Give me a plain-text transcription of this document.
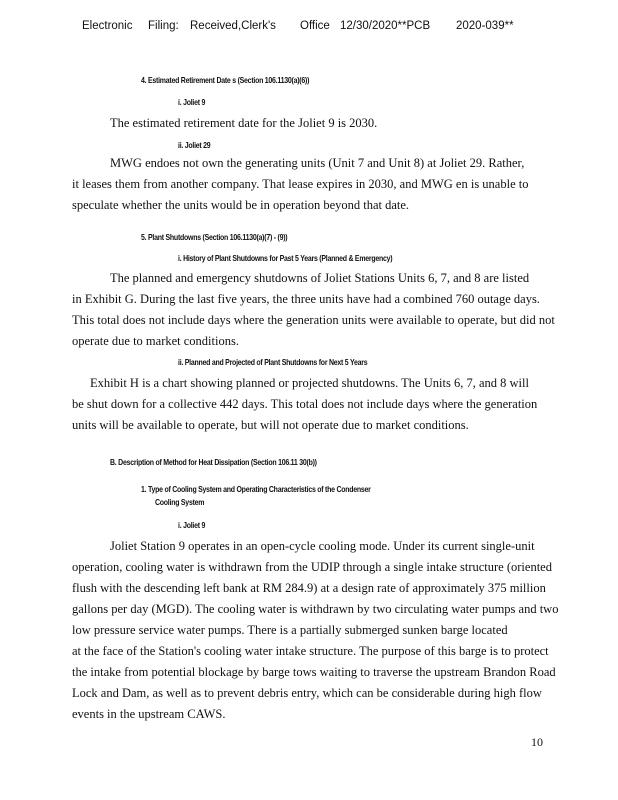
Electronic Filing: Received,Clerk's Office 12/30/2020**PCB 2020-039**
4. Estimated Retirement Date s (Section 106.1130(a)(6))
i. Joliet 9
The estimated retirement date for the Joliet 9 is 2030.
ii. Joliet 29
MWG endoes not own the generating units (Unit 7 and Unit 8) at Joliet 29. Rather,
it leases them from another company. That lease expires in 2030, and MWG en is unable to
speculate whether the units would be in operation beyond that date.
5. Plant Shutdowns (Section 106.1130(a)(7) - (9))
i. History of Plant Shutdowns for Past 5 Years (Planned & Emergency)
The planned and emergency shutdowns of Joliet Stations Units 6, 7, and 8 are listed
in Exhibit G. During the last five years, the three units have had a combined 760 outage days.
This total does not include days where the generation units were available to operate, but did not
operate due to market conditions.
ii. Planned and Projected of Plant Shutdowns for Next 5 Years
Exhibit H is a chart showing planned or projected shutdowns. The Units 6, 7, and 8 will
be shut down for a collective 442 days. This total does not include days where the generation
units will be available to operate, but will not operate due to market conditions.
B. Description of Method for Heat Dissipation (Section 106.11 30(b))
1. Type of Cooling System and Operating Characteristics of the Condenser
Cooling System
i. Joliet 9
Joliet Station 9 operates in an open-cycle cooling mode. Under its current single-unit
operation, cooling water is withdrawn from the UDIP through a single intake structure (oriented
flush with the descending left bank at RM 284.9) at a design rate of approximately 375 million
gallons per day (MGD). The cooling water is withdrawn by two circulating water pumps and two
low pressure service water pumps. There is a partially submerged sunken barge located
at the face of the Station's cooling water intake structure. The purpose of this barge is to protect
the intake from potential blockage by barge tows waiting to traverse the upstream Brandon Road
Lock and Dam, as well as to prevent debris entry, which can be considerable during high flow
events in the upstream CAWS.
10
